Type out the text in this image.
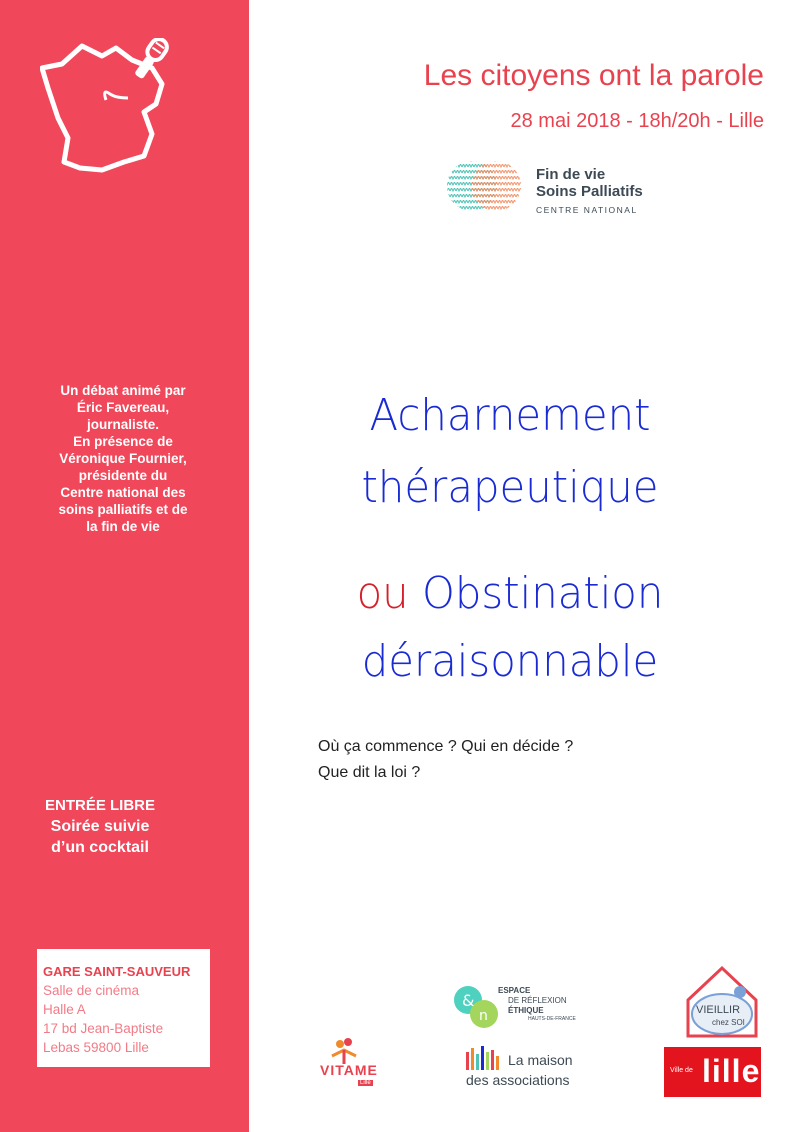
Un débat animé par
Éric Favereau,
journaliste.
En présence de
Véronique Fournier,
présidente du
Centre national des
soins palliatifs et de
la fin de vie
ENTRÉE LIBRE
Soirée suivie
d’un cocktail
GARE SAINT-SAUVEUR
Salle de cinéma
Halle A
17 bd Jean-Baptiste
Lebas 59800 Lille
Les citoyens ont la parole
28 mai 2018 - 18h/20h - Lille
Fin de vie
Soins Palliatifs
CENTRE NATIONAL
Acharnement
thérapeutique
ou Obstination
déraisonnable
Où ça commence ? Qui en décide ?
Que dit la loi ?
VITAME
Lille
&
n
ESPACE
DE RÉFLEXION
ÉTHIQUE
HAUTS-DE-FRANCE
La maison
des associations
VIEILLIR
chez SOI
Ville de lille
